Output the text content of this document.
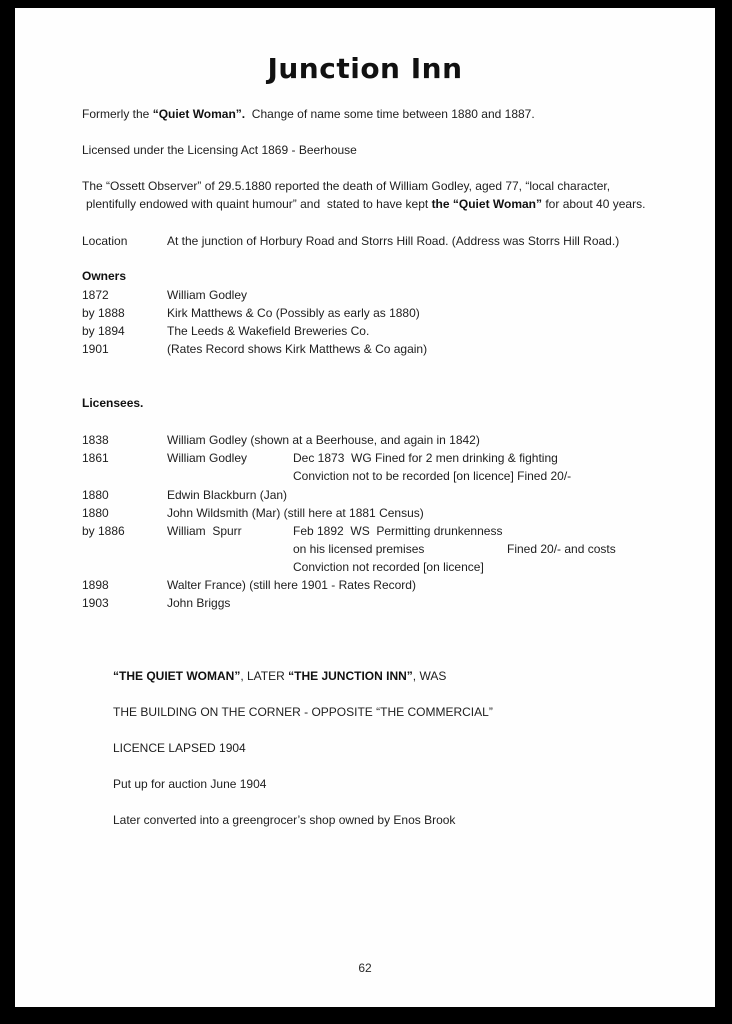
Junction Inn
Formerly the “Quiet Woman”.  Change of name some time between 1880 and 1887.
Licensed under the Licensing Act 1869 - Beerhouse
The “Ossett Observer” of 29.5.1880 reported the death of William Godley, aged 77, “local character,
plentifully endowed with quaint humour” and  stated to have kept the “Quiet Woman” for about 40 years.
Location	At the junction of Horbury Road and Storrs Hill Road. (Address was Storrs Hill Road.)
Owners
1872	William Godley
by 1888	Kirk Matthews & Co (Possibly as early as 1880)
by 1894	The Leeds & Wakefield Breweries Co.
1901	(Rates Record shows Kirk Matthews & Co again)
Licensees.
1838	William Godley (shown at a Beerhouse, and again in 1842)
1861	William Godley	Dec 1873  WG Fined for 2 men drinking & fighting
Conviction not to be recorded [on licence] Fined 20/-
1880	Edwin Blackburn (Jan)
1880	John Wildsmith (Mar) (still here at 1881 Census)
by 1886	William  Spurr	Feb 1892  WS  Permitting drunkenness
on his licensed premises	Fined 20/- and costs
Conviction not recorded [on licence]
1898	Walter France) (still here 1901 - Rates Record)
1903	John Briggs
“THE QUIET WOMAN”, LATER “THE JUNCTION INN”, WAS
THE BUILDING ON THE CORNER - OPPOSITE “THE COMMERCIAL”
LICENCE LAPSED 1904
Put up for auction June 1904
Later converted into a greengrocer’s shop owned by Enos Brook
62
